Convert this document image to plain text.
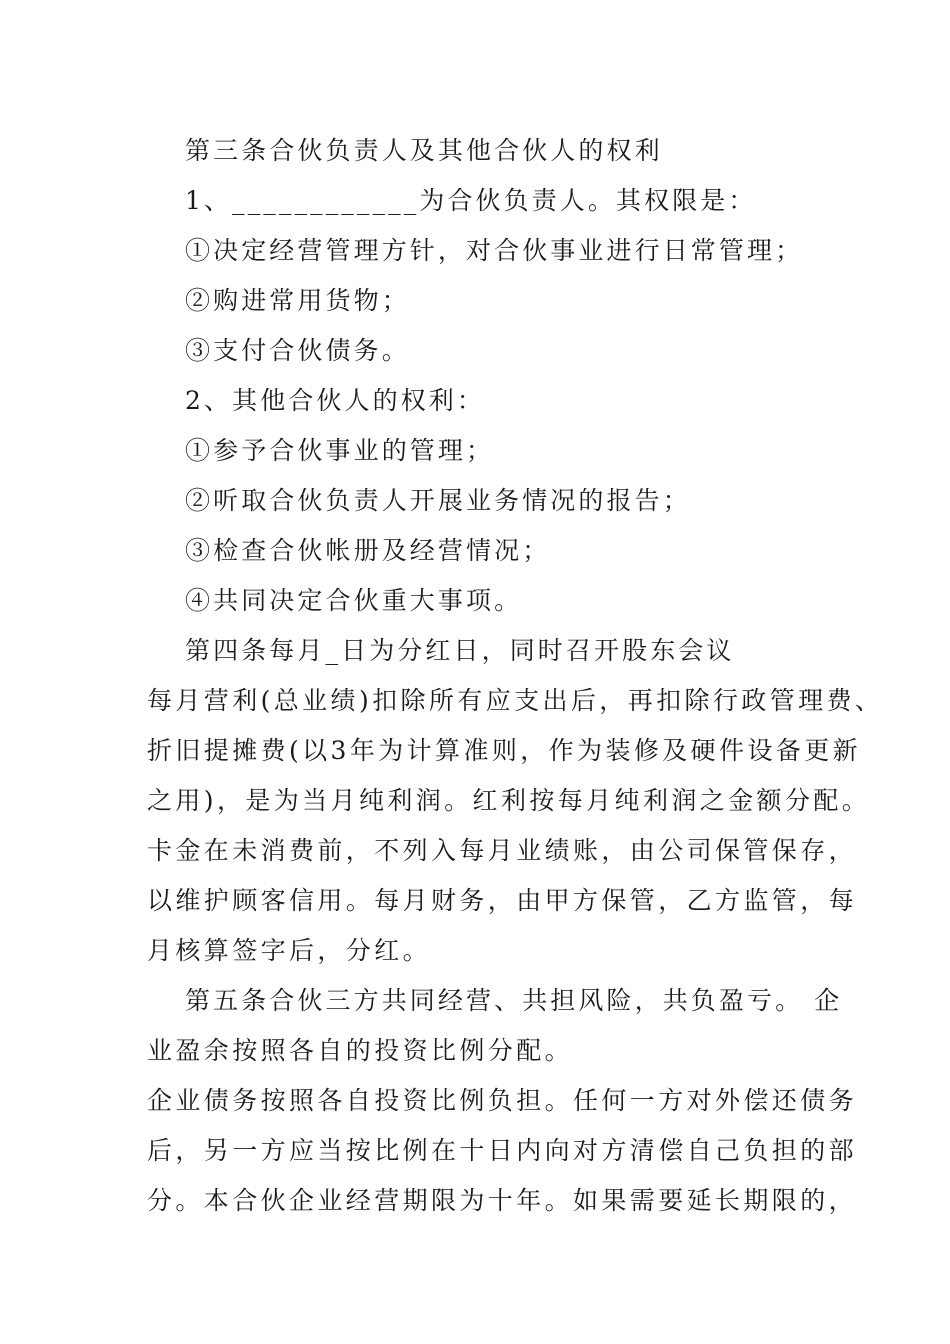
第三条合伙负责人及其他合伙人的权利
1、____________为合伙负责人。其权限是：
①决定经营管理方针，对合伙事业进行日常管理；
②购进常用货物；
③支付合伙债务。
2、其他合伙人的权利：
①参予合伙事业的管理；
②听取合伙负责人开展业务情况的报告；
③检查合伙帐册及经营情况；
④共同决定合伙重大事项。
第四条每月_日为分红日，同时召开股东会议
每月营利(总业绩)扣除所有应支出后，再扣除行政管理费、
折旧提摊费(以3年为计算准则，作为装修及硬件设备更新
之用)，是为当月纯利润。红利按每月纯利润之金额分配。
卡金在未消费前，不列入每月业绩账，由公司保管保存，
以维护顾客信用。每月财务，由甲方保管，乙方监管，每
月核算签字后，分红。
第五条合伙三方共同经营、共担风险，共负盈亏。 企
业盈余按照各自的投资比例分配。
企业债务按照各自投资比例负担。任何一方对外偿还债务
后，另一方应当按比例在十日内向对方清偿自己负担的部
分。本合伙企业经营期限为十年。如果需要延长期限的，
